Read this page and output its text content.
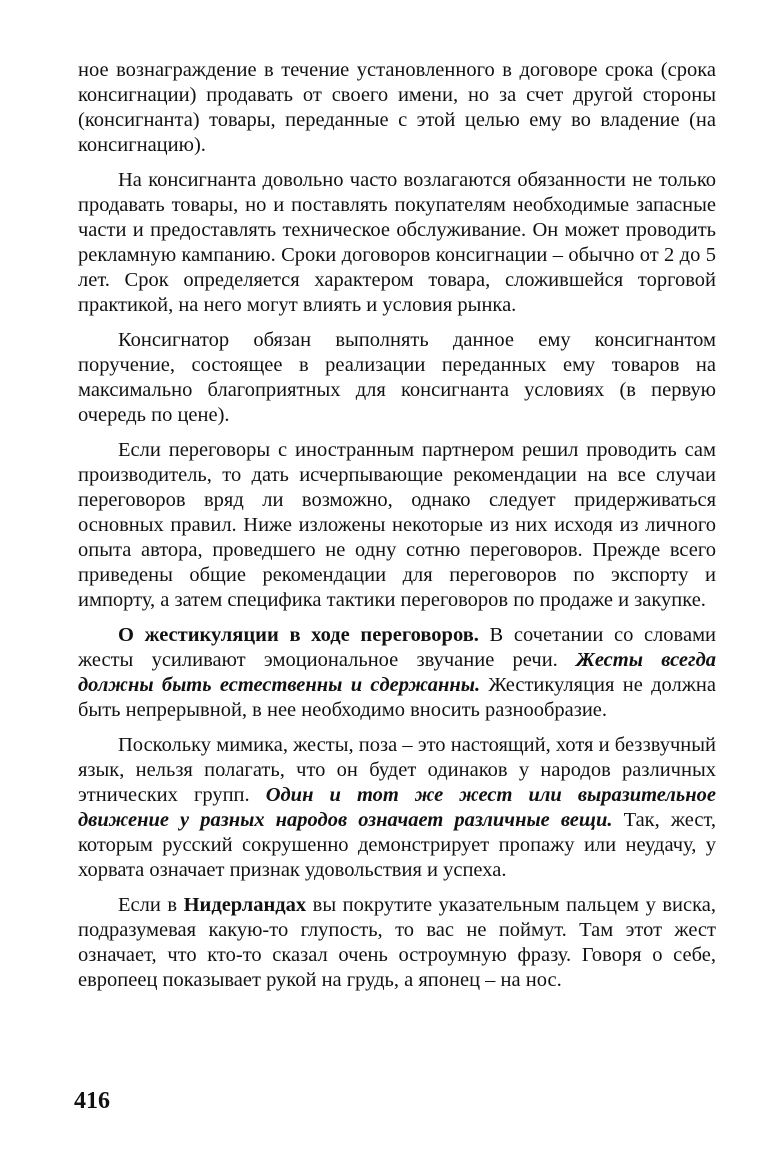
ное вознаграждение в течение установленного в договоре срока (срока консигнации) продавать от своего имени, но за счет другой стороны (консигнанта) товары, переданные с этой целью ему во владение (на консигнацию).

На консигнанта довольно часто возлагаются обязанности не только продавать товары, но и поставлять покупателям необходимые запасные части и предоставлять техническое обслуживание. Он может проводить рекламную кампанию. Сроки договоров консигнации – обычно от 2 до 5 лет. Срок определяется характером товара, сложившейся торговой практикой, на него могут влиять и условия рынка.

Консигнатор обязан выполнять данное ему консигнантом поручение, состоящее в реализации переданных ему товаров на максимально благоприятных для консигнанта условиях (в первую очередь по цене).

Если переговоры с иностранным партнером решил проводить сам производитель, то дать исчерпывающие рекомендации на все случаи переговоров вряд ли возможно, однако следует придерживаться основных правил. Ниже изложены некоторые из них исходя из личного опыта автора, проведшего не одну сотню переговоров. Прежде всего приведены общие рекомендации для переговоров по экспорту и импорту, а затем специфика тактики переговоров по продаже и закупке.

О жестикуляции в ходе переговоров. В сочетании со словами жесты усиливают эмоциональное звучание речи. Жесты всегда должны быть естественны и сдержанны. Жестикуляция не должна быть непрерывной, в нее необходимо вносить разнообразие.

Поскольку мимика, жесты, поза – это настоящий, хотя и беззвучный язык, нельзя полагать, что он будет одинаков у народов различных этнических групп. Один и тот же жест или выразительное движение у разных народов означает различные вещи. Так, жест, которым русский сокрушенно демонстрирует пропажу или неудачу, у хорвата означает признак удовольствия и успеха.

Если в Нидерландах вы покрутите указательным пальцем у виска, подразумевая какую-то глупость, то вас не поймут. Там этот жест означает, что кто-то сказал очень остроумную фразу. Говоря о себе, европеец показывает рукой на грудь, а японец – на нос.

416
